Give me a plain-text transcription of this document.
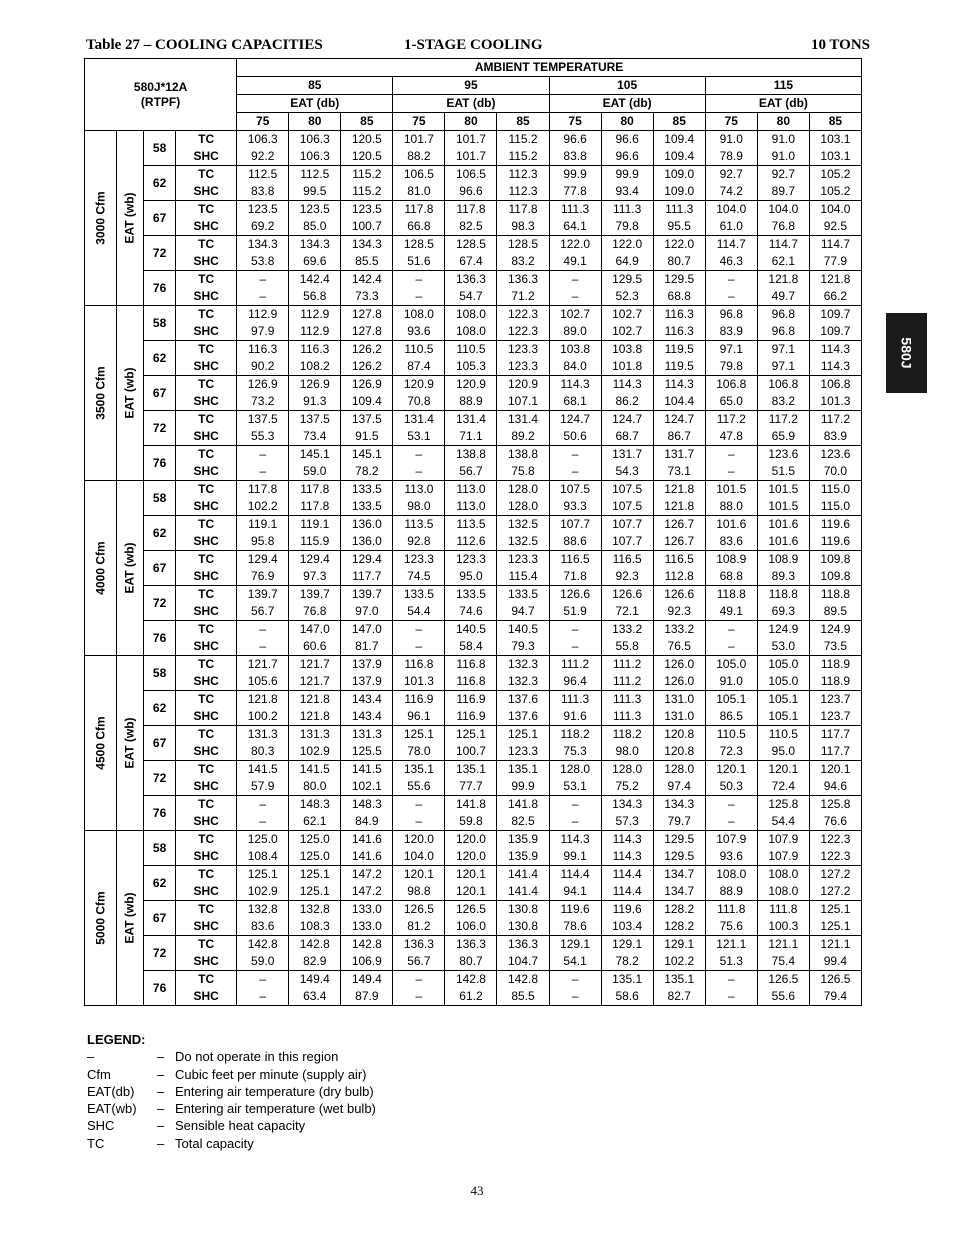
Table 27 – COOLING CAPACITIES	1-STAGE COOLING	10 TONS
580J
580J*12A
(RTPF)				AMBIENT TEMPERATURE											
				85			95			105			115		
				EAT (db)			EAT (db)			EAT (db)			EAT (db)		
				75	80	85	75	80	85	75	80	85	75	80	85

3000 Cfm	EAT (wb)	58	TC	106.3	106.3	120.5	101.7	101.7	115.2	96.6	96.6	109.4	91.0	91.0	103.1
			SHC	92.2	106.3	120.5	88.2	101.7	115.2	83.8	96.6	109.4	78.9	91.0	103.1
		62	TC	112.5	112.5	115.2	106.5	106.5	112.3	99.9	99.9	109.0	92.7	92.7	105.2
			SHC	83.8	99.5	115.2	81.0	96.6	112.3	77.8	93.4	109.0	74.2	89.7	105.2
		67	TC	123.5	123.5	123.5	117.8	117.8	117.8	111.3	111.3	111.3	104.0	104.0	104.0
			SHC	69.2	85.0	100.7	66.8	82.5	98.3	64.1	79.8	95.5	61.0	76.8	92.5
		72	TC	134.3	134.3	134.3	128.5	128.5	128.5	122.0	122.0	122.0	114.7	114.7	114.7
			SHC	53.8	69.6	85.5	51.6	67.4	83.2	49.1	64.9	80.7	46.3	62.1	77.9
		76	TC	–	142.4	142.4	–	136.3	136.3	–	129.5	129.5	–	121.8	121.8
			SHC	–	56.8	73.3	–	54.7	71.2	–	52.3	68.8	–	49.7	66.2

3500 Cfm	EAT (wb)	58	TC	112.9	112.9	127.8	108.0	108.0	122.3	102.7	102.7	116.3	96.8	96.8	109.7
			SHC	97.9	112.9	127.8	93.6	108.0	122.3	89.0	102.7	116.3	83.9	96.8	109.7
		62	TC	116.3	116.3	126.2	110.5	110.5	123.3	103.8	103.8	119.5	97.1	97.1	114.3
			SHC	90.2	108.2	126.2	87.4	105.3	123.3	84.0	101.8	119.5	79.8	97.1	114.3
		67	TC	126.9	126.9	126.9	120.9	120.9	120.9	114.3	114.3	114.3	106.8	106.8	106.8
			SHC	73.2	91.3	109.4	70.8	88.9	107.1	68.1	86.2	104.4	65.0	83.2	101.3
		72	TC	137.5	137.5	137.5	131.4	131.4	131.4	124.7	124.7	124.7	117.2	117.2	117.2
			SHC	55.3	73.4	91.5	53.1	71.1	89.2	50.6	68.7	86.7	47.8	65.9	83.9
		76	TC	–	145.1	145.1	–	138.8	138.8	–	131.7	131.7	–	123.6	123.6
			SHC	–	59.0	78.2	–	56.7	75.8	–	54.3	73.1	–	51.5	70.0

4000 Cfm	EAT (wb)	58	TC	117.8	117.8	133.5	113.0	113.0	128.0	107.5	107.5	121.8	101.5	101.5	115.0
			SHC	102.2	117.8	133.5	98.0	113.0	128.0	93.3	107.5	121.8	88.0	101.5	115.0
		62	TC	119.1	119.1	136.0	113.5	113.5	132.5	107.7	107.7	126.7	101.6	101.6	119.6
			SHC	95.8	115.9	136.0	92.8	112.6	132.5	88.6	107.7	126.7	83.6	101.6	119.6
		67	TC	129.4	129.4	129.4	123.3	123.3	123.3	116.5	116.5	116.5	108.9	108.9	109.8
			SHC	76.9	97.3	117.7	74.5	95.0	115.4	71.8	92.3	112.8	68.8	89.3	109.8
		72	TC	139.7	139.7	139.7	133.5	133.5	133.5	126.6	126.6	126.6	118.8	118.8	118.8
			SHC	56.7	76.8	97.0	54.4	74.6	94.7	51.9	72.1	92.3	49.1	69.3	89.5
		76	TC	–	147.0	147.0	–	140.5	140.5	–	133.2	133.2	–	124.9	124.9
			SHC	–	60.6	81.7	–	58.4	79.3	–	55.8	76.5	–	53.0	73.5

4500 Cfm	EAT (wb)	58	TC	121.7	121.7	137.9	116.8	116.8	132.3	111.2	111.2	126.0	105.0	105.0	118.9
			SHC	105.6	121.7	137.9	101.3	116.8	132.3	96.4	111.2	126.0	91.0	105.0	118.9
		62	TC	121.8	121.8	143.4	116.9	116.9	137.6	111.3	111.3	131.0	105.1	105.1	123.7
			SHC	100.2	121.8	143.4	96.1	116.9	137.6	91.6	111.3	131.0	86.5	105.1	123.7
		67	TC	131.3	131.3	131.3	125.1	125.1	125.1	118.2	118.2	120.8	110.5	110.5	117.7
			SHC	80.3	102.9	125.5	78.0	100.7	123.3	75.3	98.0	120.8	72.3	95.0	117.7
		72	TC	141.5	141.5	141.5	135.1	135.1	135.1	128.0	128.0	128.0	120.1	120.1	120.1
			SHC	57.9	80.0	102.1	55.6	77.7	99.9	53.1	75.2	97.4	50.3	72.4	94.6
		76	TC	–	148.3	148.3	–	141.8	141.8	–	134.3	134.3	–	125.8	125.8
			SHC	–	62.1	84.9	–	59.8	82.5	–	57.3	79.7	–	54.4	76.6

5000 Cfm	EAT (wb)	58	TC	125.0	125.0	141.6	120.0	120.0	135.9	114.3	114.3	129.5	107.9	107.9	122.3
			SHC	108.4	125.0	141.6	104.0	120.0	135.9	99.1	114.3	129.5	93.6	107.9	122.3
		62	TC	125.1	125.1	147.2	120.1	120.1	141.4	114.4	114.4	134.7	108.0	108.0	127.2
			SHC	102.9	125.1	147.2	98.8	120.1	141.4	94.1	114.4	134.7	88.9	108.0	127.2
		67	TC	132.8	132.8	133.0	126.5	126.5	130.8	119.6	119.6	128.2	111.8	111.8	125.1
			SHC	83.6	108.3	133.0	81.2	106.0	130.8	78.6	103.4	128.2	75.6	100.3	125.1
		72	TC	142.8	142.8	142.8	136.3	136.3	136.3	129.1	129.1	129.1	121.1	121.1	121.1
			SHC	59.0	82.9	106.9	56.7	80.7	104.7	54.1	78.2	102.2	51.3	75.4	99.4
		76	TC	–	149.4	149.4	–	142.8	142.8	–	135.1	135.1	–	126.5	126.5
			SHC	–	63.4	87.9	–	61.2	85.5	–	58.6	82.7	–	55.6	79.4
LEGEND:
–	– Do not operate in this region
Cfm	– Cubic feet per minute (supply air)
EAT(db) – Entering air temperature (dry bulb)
EAT(wb) – Entering air temperature (wet bulb)
SHC	– Sensible heat capacity
TC	– Total capacity
43
